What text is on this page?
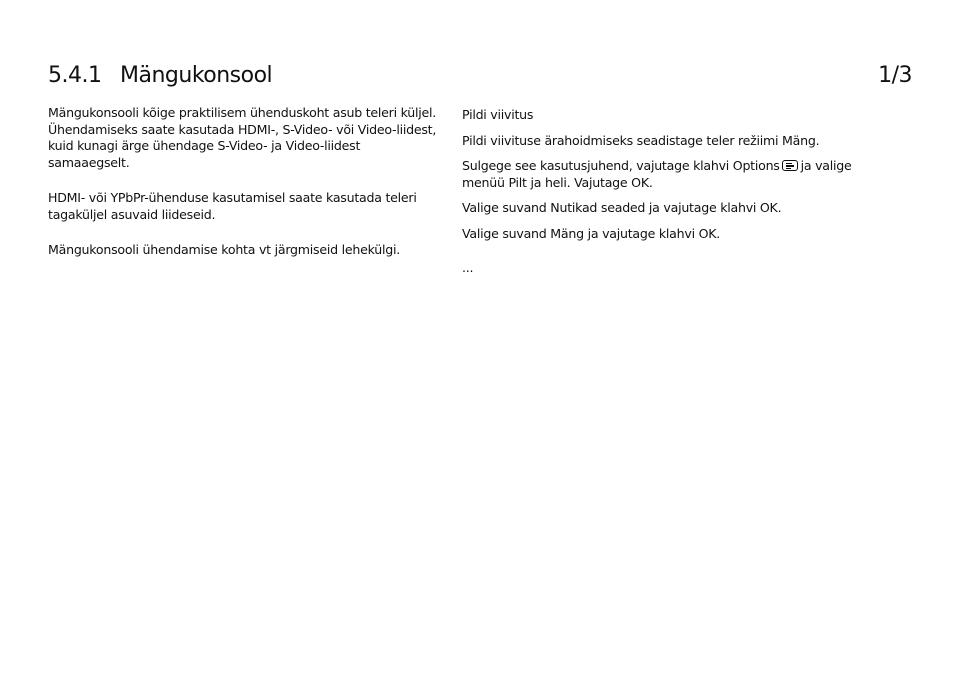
5.4.1 Mängukonsool	1/3

Mängukonsooli kõige praktilisem ühenduskoht asub teleri küljel. Ühendamiseks saate kasutada HDMI-, S-Video- või Video-liidest, kuid kunagi ärge ühendage S-Video- ja Video-liidest samaaegselt.

HDMI- või YPbPr-ühenduse kasutamisel saate kasutada teleri tagaküljel asuvaid liideseid.

Mängukonsooli ühendamise kohta vt järgmiseid lehekülgi.

Pildi viivitus

Pildi viivituse ärahoidmiseks seadistage teler režiimi Mäng.

Sulgege see kasutusjuhend, vajutage klahvi Options ja valige menüü Pilt ja heli. Vajutage OK.

Valige suvand Nutikad seaded ja vajutage klahvi OK.

Valige suvand Mäng ja vajutage klahvi OK.

...
